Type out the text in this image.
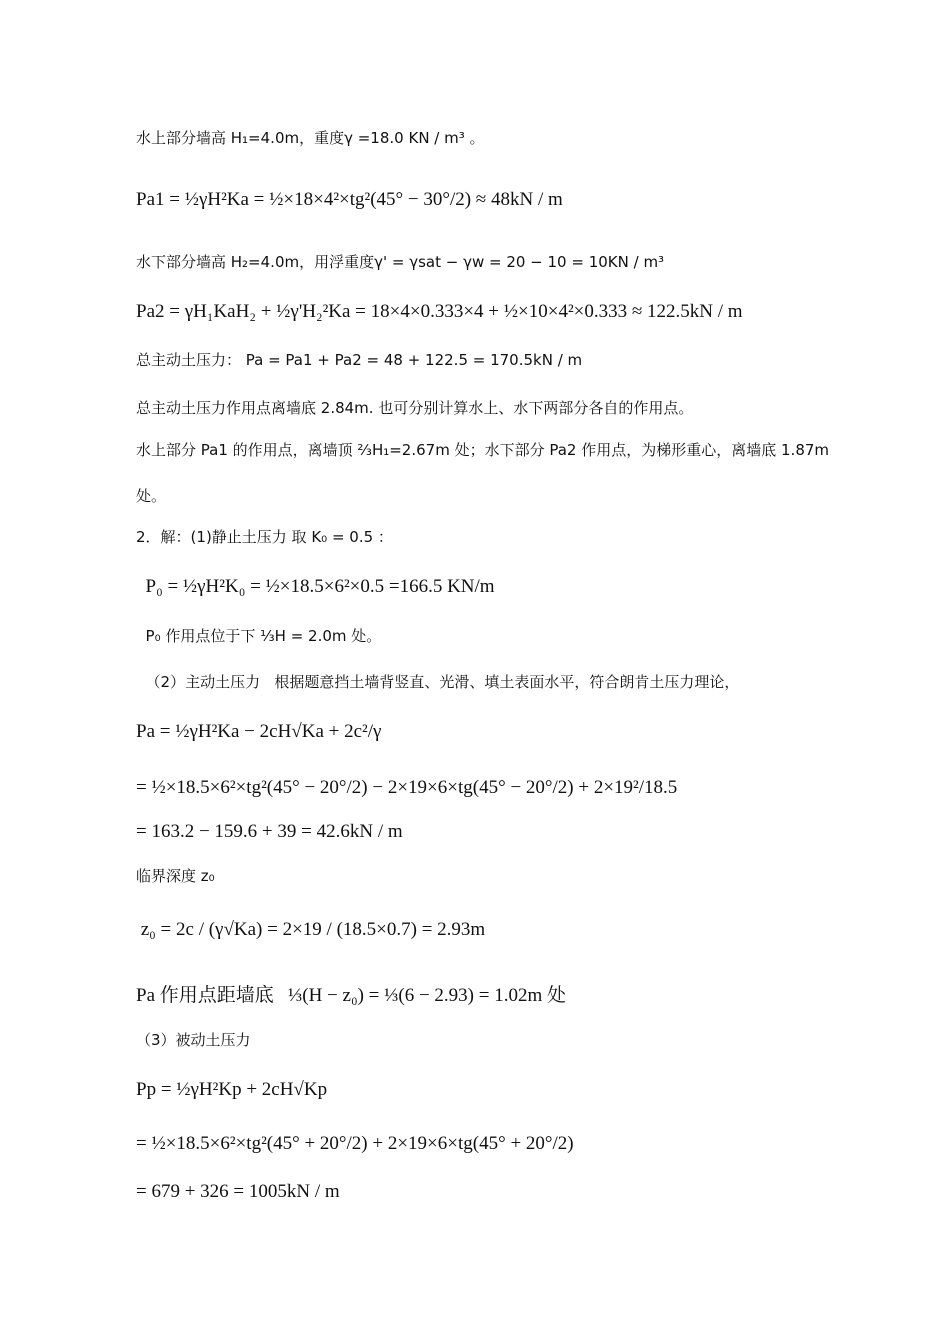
水上部分墙高 H₁=4.0m，重度γ =18.0 KN / m³ 。
Pa1 = ½γH²Ka = ½×18×4²×tg²(45° − 30°/2) ≈ 48kN / m
水下部分墙高 H₂=4.0m，用浮重度γ' = γsat − γw = 20 − 10 = 10KN / m³
Pa2 = γH₁KaH₂ + ½γ'H₂²Ka = 18×4×0.333×4 + ½×10×4²×0.333 ≈ 122.5kN / m
总主动土压力： Pa = Pa1 + Pa2 = 48 + 122.5 = 170.5kN / m
总主动土压力作用点离墙底 2.84m. 也可分别计算水上、水下两部分各自的作用点。
水上部分 Pa1 的作用点，离墙顶 ⅔H₁=2.67m 处；水下部分 Pa2 作用点，为梯形重心，离墙底 1.87m
处。
2．解：(1)静止土压力 取 K₀ = 0.5 ：
P₀ = ½γH²K₀ = ½×18.5×6²×0.5 =166.5 KN/m
P₀ 作用点位于下 ⅓H = 2.0m 处。
（2）主动土压力   根据题意挡土墙背竖直、光滑、填土表面水平，符合朗肯土压力理论，
Pa = ½γH²Ka − 2cH√Ka + 2c²/γ
= ½×18.5×6²×tg²(45° − 20°/2) − 2×19×6×tg(45° − 20°/2) + 2×19²/18.5
= 163.2 − 159.6 + 39 = 42.6kN / m
临界深度 z₀
z₀ = 2c / (γ√Ka) = 2×19 / (18.5×0.7) = 2.93m
Pa 作用点距墙底   ⅓(H − z₀) = ⅓(6 − 2.93) = 1.02m 处
（3）被动土压力
Pp = ½γH²Kp + 2cH√Kp
= ½×18.5×6²×tg²(45° + 20°/2) + 2×19×6×tg(45° + 20°/2)
= 679 + 326 = 1005kN / m
